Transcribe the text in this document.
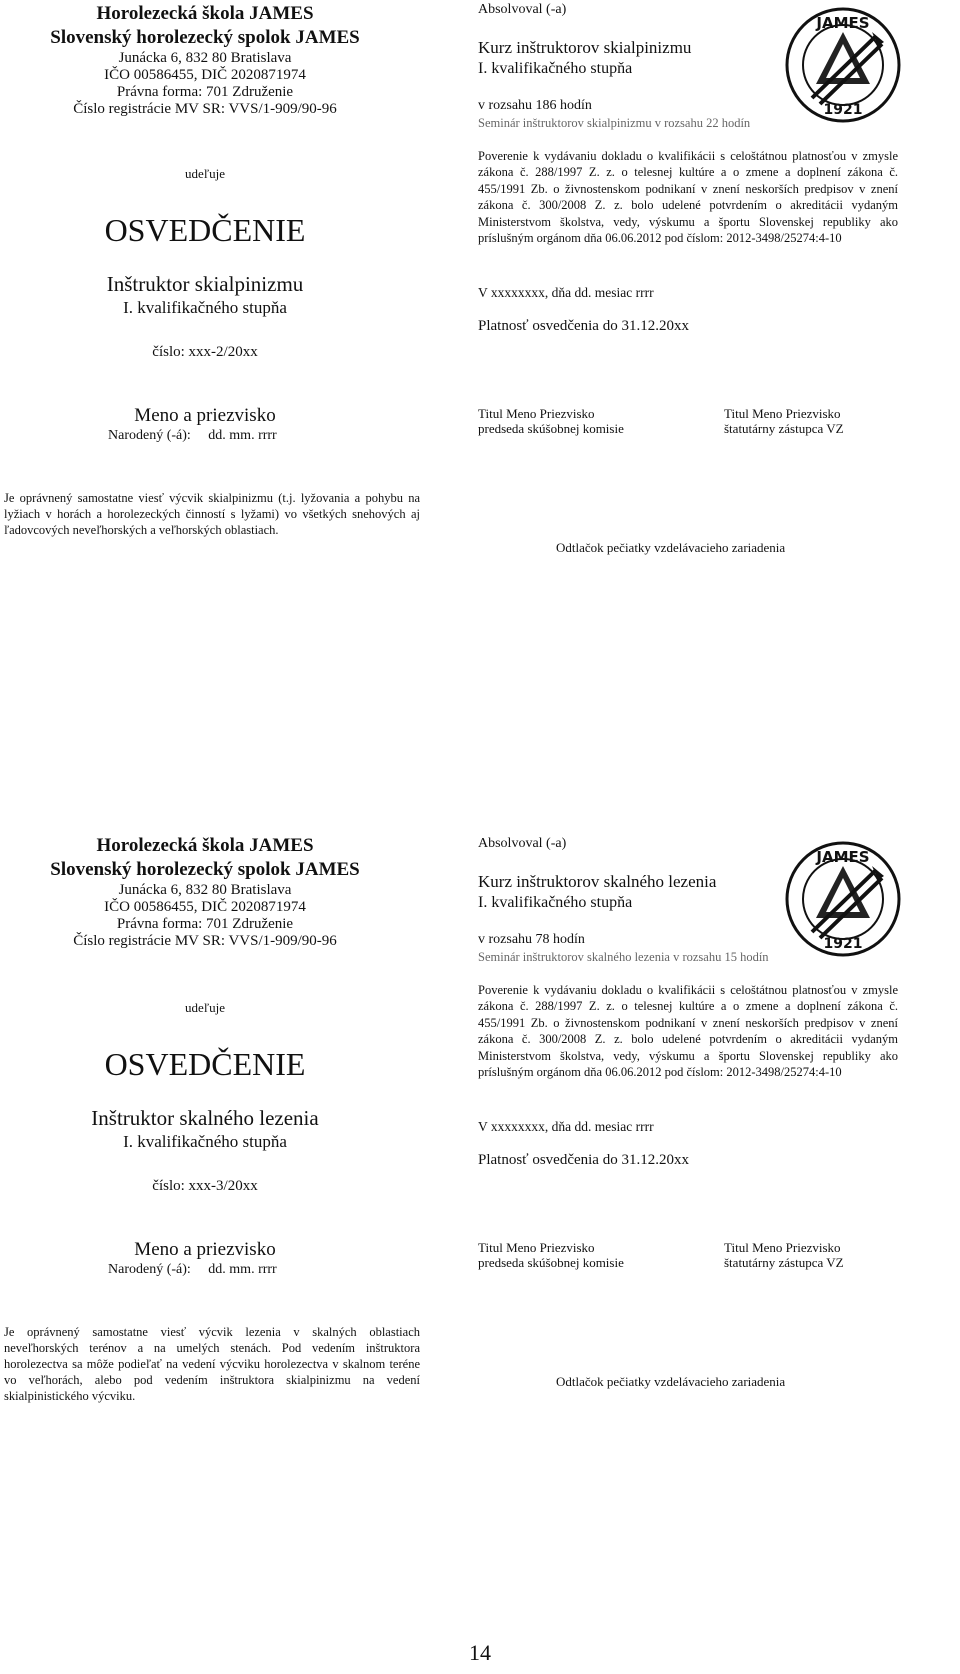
Horolezecká škola JAMES
Slovenský horolezecký spolok JAMES
Junácka 6, 832 80 Bratislava
IČO 00586455, DIČ 2020871974
Právna forma: 701 Združenie
Číslo registrácie MV SR: VVS/1-909/90-96
udeľuje
OSVEDČENIE
Inštruktor skialpinizmu
I. kvalifikačného stupňa
číslo: xxx-2/20xx
Meno a priezvisko
Narodený (-á):     dd. mm. rrrr
Absolvoval (-a)
Kurz inštruktorov skialpinizmu
I. kvalifikačného stupňa
v rozsahu 186 hodín
Seminár inštruktorov skialpinizmu v rozsahu 22 hodín
Poverenie k vydávaniu dokladu o kvalifikácii s celoštátnou platnosťou v zmysle zákona č. 288/1997 Z. z. o telesnej kultúre a o zmene a doplnení zákona č. 455/1991 Zb. o živnostenskom podnikaní v znení neskorších predpisov v znení zákona č. 300/2008 Z. z. bolo udelené potvrdením o akreditácii vydaným Ministerstvom školstva, vedy, výskumu a športu Slovenskej republiky ako príslušným orgánom dňa 06.06.2012 pod číslom: 2012-3498/25274:4-10
V xxxxxxxx, dňa dd. mesiac rrrr
Platnosť osvedčenia do 31.12.20xx
Titul Meno Priezvisko
predseda skúšobnej komisie
Titul Meno Priezvisko
štatutárny zástupca VZ
Je oprávnený samostatne viesť výcvik skialpinizmu (t.j. lyžovania a pohybu na lyžiach v horách a horolezeckých činností s lyžami) vo všetkých snehových aj ľadovcových neveľhorských a veľhorských oblastiach.
Odtlačok pečiatky vzdelávacieho zariadenia
JAMES
1921
Horolezecká škola JAMES
Slovenský horolezecký spolok JAMES
Junácka 6, 832 80 Bratislava
IČO 00586455, DIČ 2020871974
Právna forma: 701 Združenie
Číslo registrácie MV SR: VVS/1-909/90-96
udeľuje
OSVEDČENIE
Inštruktor skalného lezenia
I. kvalifikačného stupňa
číslo: xxx-3/20xx
Meno a priezvisko
Narodený (-á):     dd. mm. rrrr
Absolvoval (-a)
Kurz inštruktorov skalného lezenia
I. kvalifikačného stupňa
v rozsahu 78 hodín
Seminár inštruktorov skalného lezenia v rozsahu 15 hodín
Poverenie k vydávaniu dokladu o kvalifikácii s celoštátnou platnosťou v zmysle zákona č. 288/1997 Z. z. o telesnej kultúre a o zmene a doplnení zákona č. 455/1991 Zb. o živnostenskom podnikaní v znení neskorších predpisov v znení zákona č. 300/2008 Z. z. bolo udelené potvrdením o akreditácii vydaným Ministerstvom školstva, vedy, výskumu a športu Slovenskej republiky ako príslušným orgánom dňa 06.06.2012 pod číslom: 2012-3498/25274:4-10
V xxxxxxxx, dňa dd. mesiac rrrr
Platnosť osvedčenia do 31.12.20xx
Titul Meno Priezvisko
predseda skúšobnej komisie
Titul Meno Priezvisko
štatutárny zástupca VZ
Je oprávnený samostatne viesť výcvik lezenia v skalných oblastiach neveľhorských terénov a na umelých stenách. Pod vedením inštruktora horolezectva sa môže podieľať na vedení výcviku horolezectva v skalnom teréne vo veľhorách, alebo pod vedením inštruktora skialpinizmu na vedení skialpinistického výcviku.
Odtlačok pečiatky vzdelávacieho zariadenia
JAMES
1921
14
